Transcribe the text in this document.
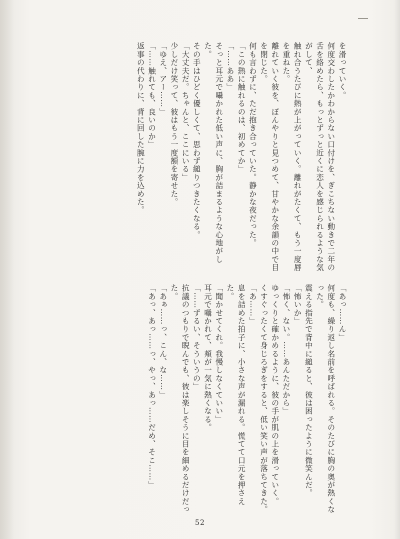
を滑っていく。

何度交わしたかわからない口付けを、ぎこちない動きで二年の

舌を絡めたら、もっとずっと近くに恋人を感じられるような気がして、

触れ合うたびに熱が上がっていく。離れがたくて、もう一度唇を重ねた。

離れていく彼を、ぼんやりと見つめて、甘やかな余韻の中で目を閉じた。

何も言わずに、ただ抱き合っていた。静かな夜だった。

「この熱に触れるのは、初めてか」

「……ああ」

そっと耳元で囁かれた低い声に、胸が詰まるような心地がした。

その手はひどく優しくて、思わず縋りつきたくなる。

「大丈夫だ。ちゃんと、ここにいる」

少しだけ笑って、彼はもう一度額を寄せた。

「ゆえ、アー……」

「……触れても、良いのか」

返事の代わりに、背に回した腕に力を込めた。

「あっ……ん」

何度も、繰り返し名前を呼ばれる。そのたびに胸の奥が熱くなった。

震える指先で背中に縋ると、彼は困ったように微笑んだ。

「怖いか」

「怖く、ない。……あんただから」

ゆっくりと確かめるように、彼の手が肌の上を滑っていく。

くすぐったくて身じろぎをすると、低い笑い声が落ちてきた。

「あ……」

息を詰めた拍子に、小さな声が漏れる。慌てて口元を押さえた。

「聞かせてくれ。我慢しなくていい」

耳元で囁かれて、頬が一気に熱くなる。

「……ずるい、そういうの」

抗議のつもりで睨んでも、彼は楽しそうに目を細めるだけだった。

「あぁ……っ、こん、な……」

「あっ、あっ……っ、やっ、あっ……だめ、そこ……」

52
